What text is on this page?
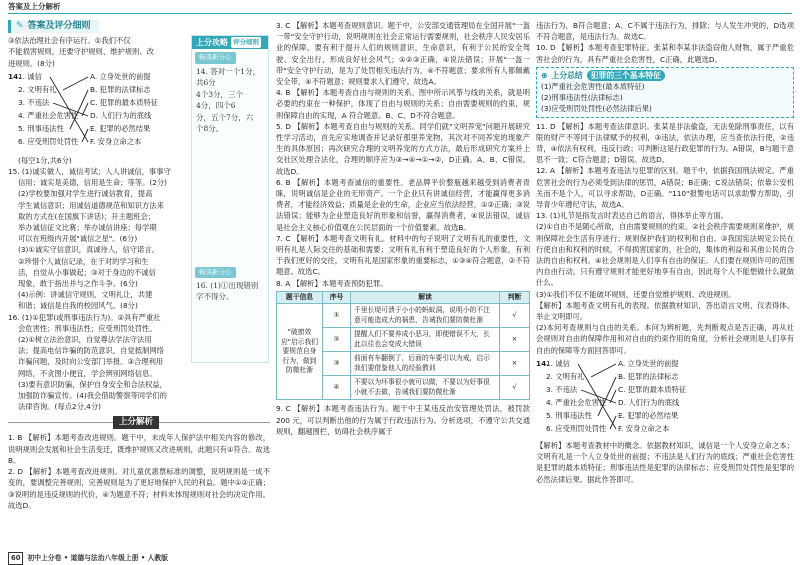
答案及上分解析
✎ 答案及评分细则
③依法治理社会有序运行。①我们不仅
不能损害规则，还要守护规则、维护规则、改
进规则。(8分)
14.
1. 诚信
2. 文明有礼
3. 不违法
4. 严重社会危害性
5. 刑事违法性
6. 应受刑罚处罚性
A. 立身处世的前提
B. 犯罪的法律标志
C. 犯罪的最本质特征
D. 人们行为的底线
E. 犯罪的必然结果
F. 安身立命之本
(每空1分,共6分)
15. (1)诚实做人，诚信考试；人人讲诚信，事事守
信用；诚实是美德，信用是生命；等等。(2分)
(2)学校要加强对学生进行诚信教育，提高
学生诚信意识；用诚信道德规范和知识方法来
取的方式在(在国旗下讲话)；开主题班会；
举办诚信征文比赛；举办诚信讲座；每学期
可以在班级内开展"诚信之星"。(6分)
(3)①诚实守信意识，真诚待人，信守诺言。
②珍惜个人诚信记录，在于对的学习和生
活，自觉从小事做起；③对于身边的不诚信
现象，敢于指出并与之作斗争。(6分)
(4)示例：讲诚信守规则，文明礼让，共建
和谐；诚信是自我的校园风气。(8分)
16. (1)①犯罪(或刑事违法行为)。②具有严重社
会危害性；刑事违法性；应受刑罚处罚性。
(2)①树立法治意识，自觉尊法学法守法用
法；提高电信诈骗的防范意识，自觉抵制网络
诈骗问题，及时向公安部门举报。③合理利用
网络，不贪图小便宜，学会辨别网络信息。
(3)要有意识防骗，保护自身安全和合法权益，
加强防诈骗宣传。(4)我会借助警察等同学们的
法律咨询。(每点2分,4分)
上分攻略 评分细则
畅谈新分心
14. 答对一个1分，共6分
4个3分，三个
4分，四个6
分，五个7分，六
个8分。
畅谈新分心
16. (1)①出现错别
字不得分。
上分解析
1. B 【解析】本题考查改进规则。题干中，未成年人保护法中相关内容的修改，说明规则会发展和社会生活变迁，既维护规则又改进规则，此题只有①符合。故选B。
2. D 【解析】本题考查改进规则。对儿童优惠票标准的调整，说明规则是一成不变的，要调整完善规则，完善规则是为了更好地保护人民的利益。题中①②正确；③说明的是违反规则的代价，④为题意不符；材料未体现规则对社会的决定作用。故选D。
3. C 【解析】本题考查规则意识。题干中，公安部交通管理局在全国开展"一盔一带"安全守护行动，说明规则在社会正常运行需要规则，社会秩序人民安居乐业的保障，要有利于提升人们的规则意识，生命意识，有利于公民的安全驾驶、安全出行，形成良好社会风气；①②③正确，④说法错误；开展"一盔一带"安全守护行动，是为了处罚相关违法行为，④不符题意；要求所有人都佩戴安全带，④不符题意；规则要求人们遵守。故选A。
4. B 【解析】本题考查自由与规则的关系。图中所示风筝与线的关系，就是明必要的约束在一种保护，体现了自由与规则的关系；自由需要规则的约束，规则保障自由的实现，A 符合题意。B、C、D不符合题意。
5. D 【解析】本题考查自由与规则的关系。同学们就"文明养宠"问题开展研究性学习活动，首先应实地调查并记录好那里养宠物，其次对不同养宠的现象产生的具体原因；再次研究合理的文明养宠的方式方法，最后形成研究方案并上交社区处理合法化，合理的顺序应为③→④→①→②，D正确。A、B、C错误。故选D。
6. B 【解析】本题考查诚信的重要性。老品牌平价整瓶越来越受到消费者青睐，说明诚信是企业的无形资产。一个企业只有讲诚信经营，才能赢得更多消费者，才能经济效益；质量是企业的生命，企业应当依法经营，①②正确；③说法错误；能够为企业塑造良好的形象和信誉，赢得消费者，④说法错误，诚信是社会主义核心价值观在公民层面的一个价值要素。故选B。
7. C 【解析】本题考查文明有礼。材料中的句子说明了文明有礼的重要性，文明有礼是人际交往的基础和需要；文明有礼有利于塑造良好的个人形象，有利于我们更好的交往，文明有礼是国家形象的重要标志，①③④符合题意，②不符题意。故选C。
8. A 【解析】本题考查预防犯罪。
题干信息	序号	解读	判断
"破窗效应"启示我们要规范自身行为，做到防微杜渐	①	千里长堤可溃于小小的蚂蚁洞，说明小的不注意可能造成大的祸患，告诫我们要防微杜渐	√
	②	提醒人们不要养成小恶习，即便错误不大，长此以往也会变成大错误	×
	③	前面有车翻倒了，后面的车要引以为戒，启示我们要借鉴他人的经验教训	×
	④	不要以为坏事很小就可以做，不要以为好事很小就不去做，告诫我们要防微杜渐	√
9. C 【解析】本题考查违法行为。题干中王某违反治安管理处罚法，被罚款 200 元，可以判断出他的行为属于行政违法行为。分析选项，不遵守公共交通规则，翻越围栏，妨碍社会秩序属于
违法行为，B符合题意；A、C不属于违法行为，排除；与人发生冲突的，D选项不符合题意，是违法行为。故选C。
10. D 【解析】本题考查犯罪特征。张某和李某非法盗窃他人财物，属于严重危害社会的行为，具有严重社会危害性，C正确，此题选D。
⊕ 上分总结	犯罪的三个基本特征
(1)严重社会危害性(最本质特征)
(2)刑事违法性(法律标志)
(3)应受刑罚处罚性(必然法律后果)
11. D 【解析】本题考查法律意识。张某是非法偷盗，无法免除刑事责任，以有限的财产不等同于法律赋予的权利，③违法，依法办理，应当查依法行使，②违背，④依法有权利，违反行政；可判断这是行政犯罪的行为。A错误，B与题干意思不一致；C符合题意；D错误。故选D。
12. A 【解析】本题考查违法与犯罪的区别。题干中，依据我国刑法规定，严重危害社会的行为必须受到法律的惩罚，A错误；B正确；C说法错误；依靠公安机关而不是个人，可以寻求帮助，D正确。"110"报警电话可以求助警方帮助，引导青少年遵纪守法，故选A。
13. (1)礼节是指发言时表达自己的语言，得体举止等方面。
(2)①自由不是随心所欲，自由需要规则的约束。②社会秩序需要规则来维护，规则保障社会生活有序进行；规则保护我们的权利和自由。③我国宪法规定公民在行使自由和权利的时候，不得损害国家的，社会的，集体的利益和其他公民的合法的自由和权利。④社会规则是人们享有自由的保证。人们要在规则许可的范围内自由行动，只有遵守规则才能更好地享有自由，因此每个人不能想做什么就做什么。
(3)①我们不仅不能破坏规则，还要自觉维护规则、改进规则。
【解析】本题考查文明有礼的表现。依据教材知识，答出语言文明、仪表得体、举止文明即可。
(2)本问考查规则与自由的关系。本问为辨析题，先判断观点是否正确，再从社会规则对自由的保障作用和对自由的约束作用的角度，分析社会规则是人们享有自由的保障等方面回答即可。
14.
1. 诚信
2. 文明有礼
3. 不违法
4. 严重社会危害性
5. 刑事违法性
6. 应受刑罚处罚性
A. 立身处世的前提
B. 犯罪的法律标志
C. 犯罪的最本质特征
D. 人们行为的底线
E. 犯罪的必然结果
F. 安身立命之本
【解析】本题考查教材中的概念。依据教材知识，诚信是一个人安身立命之本；文明有礼是一个人立身处世的前提；不违法是人们行为的底线；严重社会危害性是犯罪的最本质特征；刑事违法性是犯罪的法律标志；应受刑罚处罚性是犯罪的必然法律后果。据此作答即可。
60	初中上分卷 • 道德与法治八年级上册 • 人教版
